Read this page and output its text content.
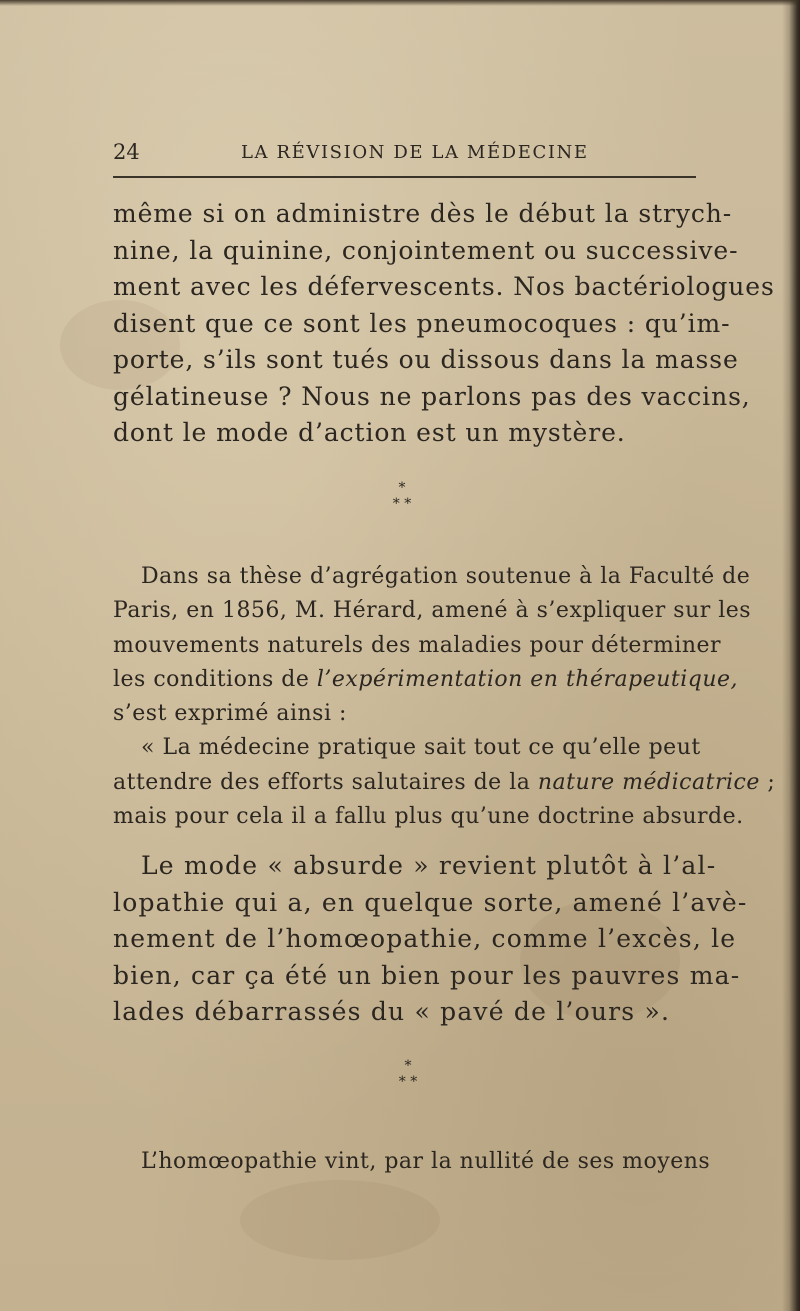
24	LA RÉVISION DE LA MÉDECINE
même si on administre dès le début la strych-
nine, la quinine, conjointement ou successive-
ment avec les défervescents. Nos bactériologues
disent que ce sont les pneumocoques : qu’im-
porte, s’ils sont tués ou dissous dans la masse
gélatineuse ? Nous ne parlons pas des vaccins,
dont le mode d’action est un mystère.
*
* *
Dans sa thèse d’agrégation soutenue à la Faculté de
Paris, en 1856, M. Hérard, amené à s’expliquer sur les
mouvements naturels des maladies pour déterminer
les conditions de l’expérimentation en thérapeutique,
s’est exprimé ainsi :
« La médecine pratique sait tout ce qu’elle peut
attendre des efforts salutaires de la nature médicatrice ;
mais pour cela il a fallu plus qu’une doctrine absurde.
Le mode « absurde » revient plutôt à l’al-
lopathie qui a, en quelque sorte, amené l’avè-
nement de l’homœopathie, comme l’excès, le
bien, car ça été un bien pour les pauvres ma-
lades débarrassés du « pavé de l’ours ».
*
* *
L’homœopathie vint, par la nullité de ses moyens
